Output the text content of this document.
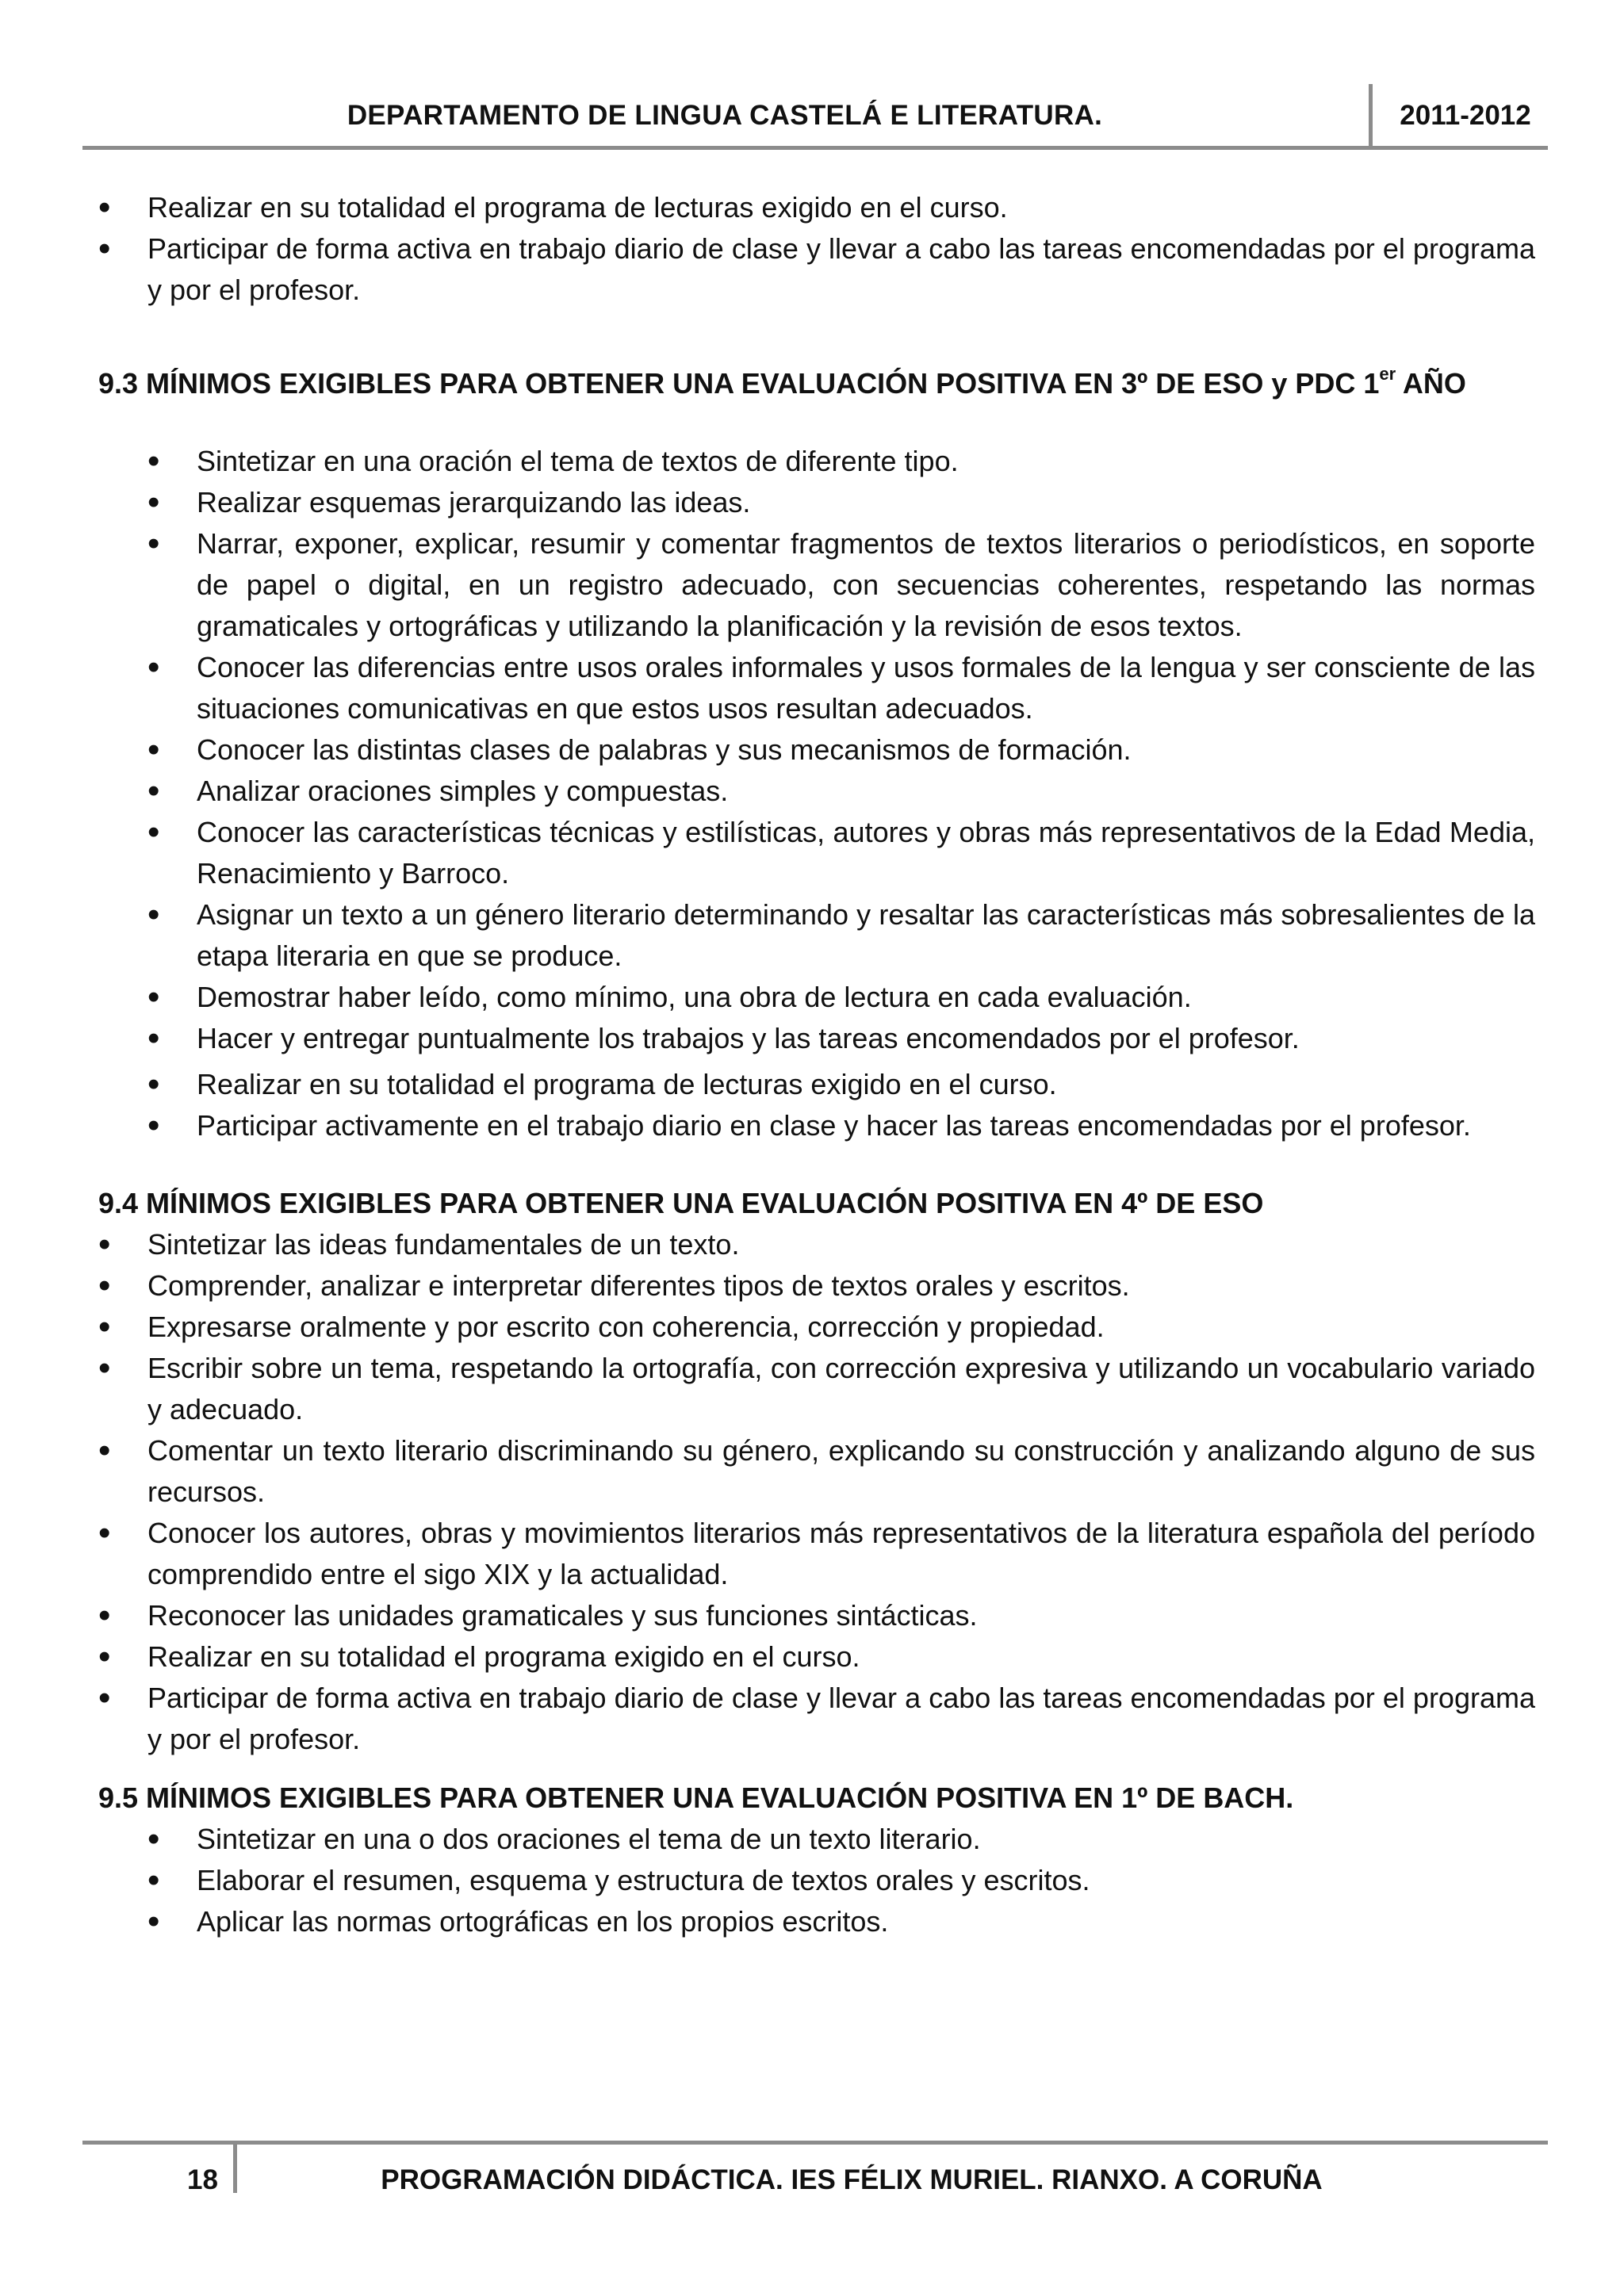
DEPARTAMENTO DE LINGUA CASTELÁ E LITERATURA.	2011-2012
• Realizar en su totalidad el programa de lecturas exigido en el curso.
• Participar de forma activa en trabajo diario de clase y llevar a cabo las tareas encomendadas por el programa y por el profesor.

9.3 MÍNIMOS EXIGIBLES PARA OBTENER UNA EVALUACIÓN POSITIVA EN 3º DE ESO y PDC 1er AÑO

• Sintetizar en una oración el tema de textos de diferente tipo.
• Realizar esquemas jerarquizando las ideas.
• Narrar, exponer, explicar, resumir y comentar fragmentos de textos literarios o periodísticos, en soporte de papel o digital, en un registro adecuado, con secuencias coherentes, respetando las normas gramaticales y ortográficas y utilizando la planificación y la revisión de esos textos.
• Conocer las diferencias entre usos orales informales y usos formales de la lengua y ser consciente de las situaciones comunicativas en que estos usos resultan adecuados.
• Conocer las distintas clases de palabras y sus mecanismos de formación.
• Analizar oraciones simples y compuestas.
• Conocer las características técnicas y estilísticas, autores y obras más representativos de la Edad Media, Renacimiento y Barroco.
• Asignar un texto a un género literario determinando y resaltar las características más sobresalientes de la etapa literaria en que se produce.
• Demostrar haber leído, como mínimo, una obra de lectura en cada evaluación.
• Hacer y entregar puntualmente los trabajos y las tareas encomendados por el profesor.
• Realizar en su totalidad el programa de lecturas exigido en el curso.
• Participar activamente en el trabajo diario en clase y hacer las tareas encomendadas por el profesor.

9.4 MÍNIMOS EXIGIBLES PARA OBTENER UNA EVALUACIÓN POSITIVA EN 4º DE ESO

• Sintetizar las ideas fundamentales de un texto.
• Comprender, analizar e interpretar diferentes tipos de textos orales y escritos.
• Expresarse oralmente y por escrito con coherencia, corrección y propiedad.
• Escribir sobre un tema, respetando la ortografía, con corrección expresiva y utilizando un vocabulario variado y adecuado.
• Comentar un texto literario discriminando su género, explicando su construcción y analizando alguno de sus recursos.
• Conocer los autores, obras y movimientos literarios más representativos de la literatura española del período comprendido entre el sigo XIX y la actualidad.
• Reconocer las unidades gramaticales y sus funciones sintácticas.
• Realizar en su totalidad el programa exigido en el curso.
• Participar de forma activa en trabajo diario de clase y llevar a cabo las tareas encomendadas por el programa y por el profesor.

9.5 MÍNIMOS EXIGIBLES PARA OBTENER UNA EVALUACIÓN POSITIVA EN 1º DE BACH.

• Sintetizar en una o dos oraciones el tema de un texto literario.
• Elaborar el resumen, esquema y estructura de textos orales y escritos.
• Aplicar las normas ortográficas en los propios escritos.
18	PROGRAMACIÓN DIDÁCTICA. IES FÉLIX MURIEL. RIANXO. A CORUÑA
